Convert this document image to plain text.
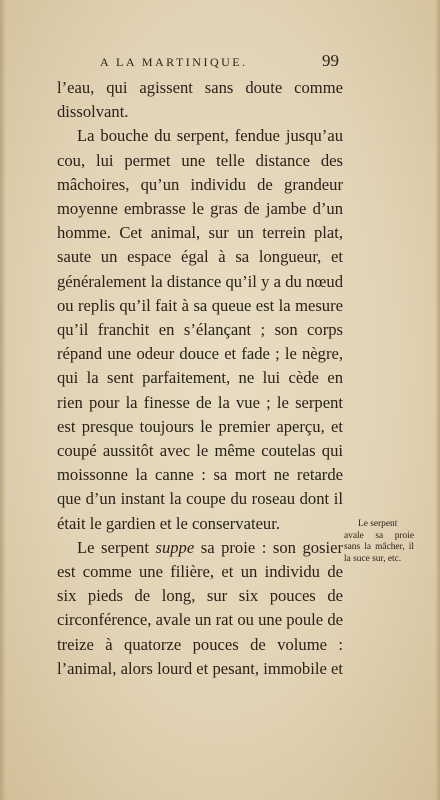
A LA MARTINIQUE.	99

l’eau, qui agissent sans doute comme dissolvant.

La bouche du serpent, fendue jusqu’au cou, lui permet une telle distance des mâchoires, qu’un individu de grandeur moyenne embrasse le gras de jambe d’un homme. Cet animal, sur un terrein plat, saute un espace égal à sa longueur, et généralement la distance qu’il y a du nœud ou replis qu’il fait à sa queue est la mesure qu’il franchit en s’élançant ; son corps répand une odeur douce et fade ; le nègre, qui la sent parfaitement, ne lui cède en rien pour la finesse de la vue ; le serpent est presque toujours le premier aperçu, et coupé aussitôt avec le même coutelas qui moissonne la canne : sa mort ne retarde que d’un instant la coupe du roseau dont il était le gardien et le conservateur.

Le serpent suppe sa proie : son gosier est comme une filière, et un individu de six pieds de long, sur six pouces de circonférence, avale un rat ou une poule de treize à quatorze pouces de volume : l’animal, alors lourd et pesant, immobile et

Le serpent
avale sa proie sans la mâcher, il la suce sur, etc.
